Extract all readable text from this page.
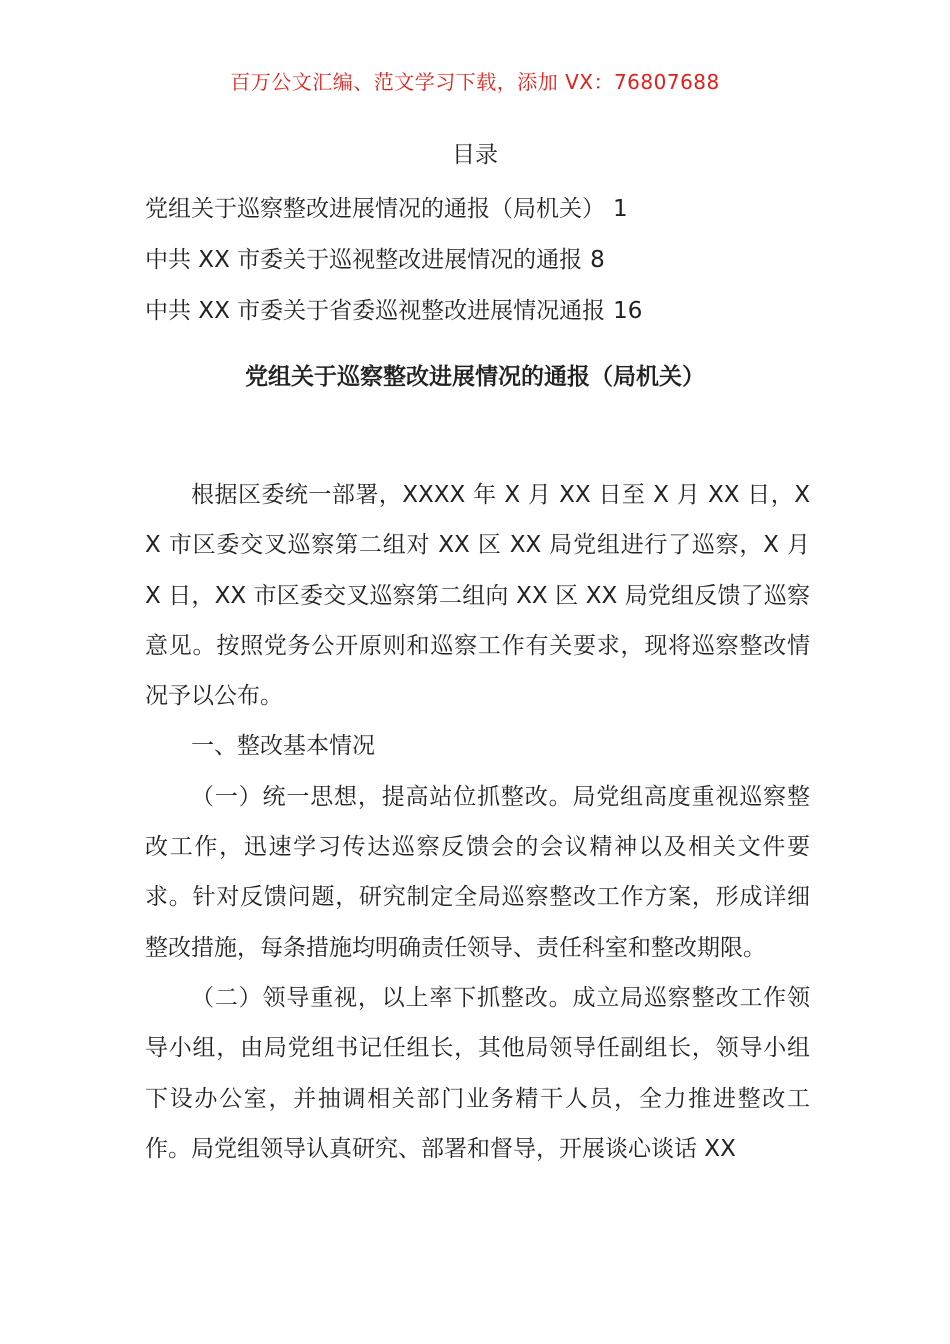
百万公文汇编、范文学习下载，添加 VX：76807688
目录
党组关于巡察整改进展情况的通报（局机关） 1
中共 XX 市委关于巡视整改进展情况的通报 8
中共 XX 市委关于省委巡视整改进展情况通报 16
党组关于巡察整改进展情况的通报（局机关）

根据区委统一部署，XXXX 年 X 月 XX 日至 X 月 XX 日，XX 市区委交叉巡察第二组对 XX 区 XX 局党组进行了巡察，X 月 X 日，XX 市区委交叉巡察第二组向 XX 区 XX 局党组反馈了巡察意见。按照党务公开原则和巡察工作有关要求，现将巡察整改情况予以公布。

一、整改基本情况

（一）统一思想，提高站位抓整改。局党组高度重视巡察整改工作，迅速学习传达巡察反馈会的会议精神以及相关文件要求。针对反馈问题，研究制定全局巡察整改工作方案，形成详细整改措施，每条措施均明确责任领导、责任科室和整改期限。

（二）领导重视，以上率下抓整改。成立局巡察整改工作领导小组，由局党组书记任组长，其他局领导任副组长，领导小组下设办公室，并抽调相关部门业务精干人员，全力推进整改工作。局党组领导认真研究、部署和督导，开展谈心谈话 XX
